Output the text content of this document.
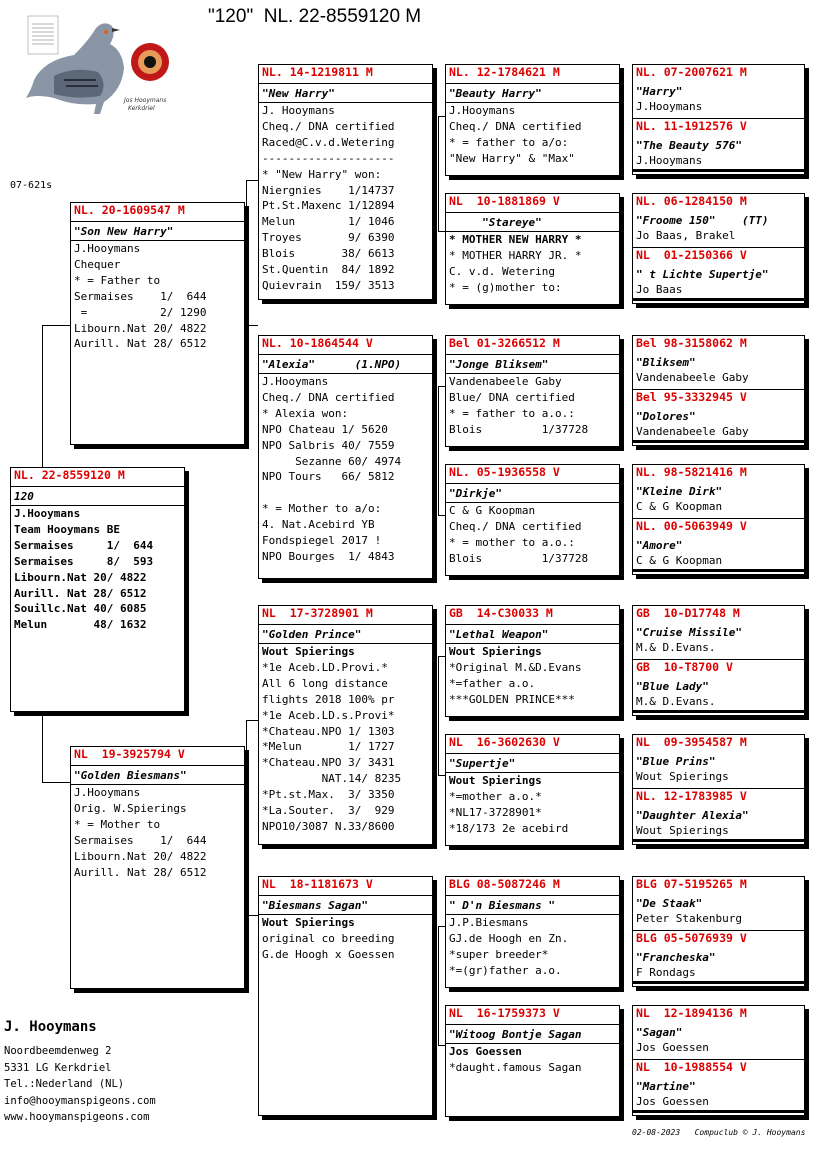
"120"  NL. 22-8559120 M
Jos Hooymans
Kerkdriel
07-621s
NL. 22-8559120 M
120
J.Hooymans
Team Hooymans BE
Sermaises     1/  644
Sermaises     8/  593
Libourn.Nat 20/ 4822
Aurill. Nat 28/ 6512
Souillc.Nat 40/ 6085
Melun       48/ 1632
NL. 20-1609547 M
"Son New Harry"
J.Hooymans
Chequer
* = Father to
Sermaises    1/  644
=           2/ 1290
Libourn.Nat 20/ 4822
Aurill. Nat 28/ 6512
NL  19-3925794 V
"Golden Biesmans"
J.Hooymans
Orig. W.Spierings
* = Mother to
Sermaises    1/  644
Libourn.Nat 20/ 4822
Aurill. Nat 28/ 6512
NL. 14-1219811 M
"New Harry"
J. Hooymans
Cheq./ DNA certified
Raced@C.v.d.Wetering
--------------------
* "New Harry" won:
Niergnies    1/14737
Pt.St.Maxenc 1/12894
Melun        1/ 1046
Troyes       9/ 6390
Blois       38/ 6613
St.Quentin  84/ 1892
Quievrain  159/ 3513
NL. 10-1864544 V
"Alexia"      (1.NPO)
J.Hooymans
Cheq./ DNA certified
* Alexia won:
NPO Chateau 1/ 5620
NPO Salbris 40/ 7559
Sezanne 60/ 4974
NPO Tours   66/ 5812
* = Mother to a/o:
4. Nat.Acebird YB
Fondspiegel 2017 !
NPO Bourges  1/ 4843
NL  17-3728901 M
"Golden Prince"
Wout Spierings
*1e Aceb.LD.Provi.*
All 6 long distance
flights 2018 100% pr
*1e Aceb.LD.s.Provi*
*Chateau.NPO 1/ 1303
*Melun       1/ 1727
*Chateau.NPO 3/ 3431
NAT.14/ 8235
*Pt.st.Max.  3/ 3350
*La.Souter.  3/  929
NPO10/3087 N.33/8600
NL  18-1181673 V
"Biesmans Sagan"
Wout Spierings
original co breeding
G.de Hoogh x Goessen
NL. 12-1784621 M
"Beauty Harry"
J.Hooymans
Cheq./ DNA certified
* = father to a/o:
"New Harry" & "Max"
NL  10-1881869 V
"Stareye"
* MOTHER NEW HARRY *
* MOTHER HARRY JR. *
C. v.d. Wetering
* = (g)mother to:
Bel 01-3266512 M
"Jonge Bliksem"
Vandenabeele Gaby
Blue/ DNA certified
* = father to a.o.:
Blois         1/37728
NL. 05-1936558 V
"Dirkje"
C & G Koopman
Cheq./ DNA certified
* = mother to a.o.:
Blois         1/37728
GB  14-C30033 M
"Lethal Weapon"
Wout Spierings
*Original M.&D.Evans
*=father a.o.
***GOLDEN PRINCE***
NL  16-3602630 V
"Supertje"
Wout Spierings
*=mother a.o.*
*NL17-3728901*
*18/173 2e acebird
BLG 08-5087246 M
" D'n Biesmans "
J.P.Biesmans
GJ.de Hoogh en Zn.
*super breeder*
*=(gr)father a.o.
NL  16-1759373 V
"Witoog Bontje Sagan
Jos Goessen
*daught.famous Sagan
NL. 07-2007621 M
"Harry"
J.Hooymans
NL. 11-1912576 V
"The Beauty 576"
J.Hooymans
NL. 06-1284150 M
"Froome 150"    (TT)
Jo Baas, Brakel
NL  01-2150366 V
" t Lichte Supertje"
Jo Baas
Bel 98-3158062 M
"Bliksem"
Vandenabeele Gaby
Bel 95-3332945 V
"Dolores"
Vandenabeele Gaby
NL. 98-5821416 M
"Kleine Dirk"
C & G Koopman
NL. 00-5063949 V
"Amore"
C & G Koopman
GB  10-D17748 M
"Cruise Missile"
M.& D.Evans.
GB  10-T8700 V
"Blue Lady"
M.& D.Evans.
NL  09-3954587 M
"Blue Prins"
Wout Spierings
NL. 12-1783985 V
"Daughter Alexia"
Wout Spierings
BLG 07-5195265 M
"De Staak"
Peter Stakenburg
BLG 05-5076939 V
"Francheska"
F Rondags
NL  12-1894136 M
"Sagan"
Jos Goessen
NL  10-1988554 V
"Martine"
Jos Goessen
J. Hooymans
Noordbeemdenweg 2
5331 LG Kerkdriel
Tel.:Nederland (NL)
info@hooymanspigeons.com
www.hooymanspigeons.com
02-08-2023   Compuclub © J. Hooymans
